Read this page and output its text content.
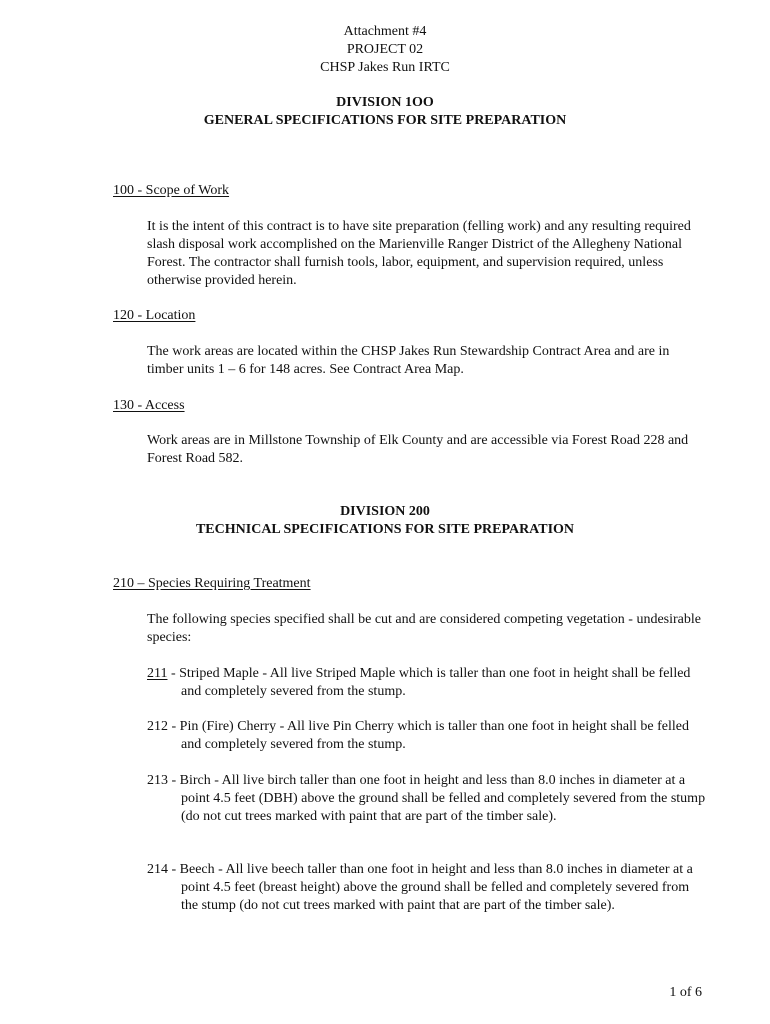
Attachment #4
PROJECT 02
CHSP Jakes Run IRTC
DIVISION 1OO
GENERAL SPECIFICATIONS FOR SITE PREPARATION
100 - Scope of Work
It is the intent of this contract is to have site preparation (felling work) and any resulting required slash disposal work accomplished on the Marienville Ranger District of the Allegheny National Forest. The contractor shall furnish tools, labor, equipment, and supervision required, unless otherwise provided herein.
120 - Location
The work areas are located within the CHSP Jakes Run Stewardship Contract Area and are in timber units 1 – 6 for 148 acres. See Contract Area Map.
130 - Access
Work areas are in Millstone Township of Elk County and are accessible via Forest Road 228 and Forest Road 582.
DIVISION 200
TECHNICAL SPECIFICATIONS FOR SITE PREPARATION
210 – Species Requiring Treatment
The following species specified shall be cut and are considered competing vegetation - undesirable species:
211 - Striped Maple - All live Striped Maple which is taller than one foot in height shall be felled and completely severed from the stump.
212 - Pin (Fire) Cherry - All live Pin Cherry which is taller than one foot in height shall be felled and completely severed from the stump.
213 - Birch - All live birch taller than one foot in height and less than 8.0 inches in diameter at a point 4.5 feet (DBH) above the ground shall be felled and completely severed from the stump (do not cut trees marked with paint that are part of the timber sale).
214 - Beech - All live beech taller than one foot in height and less than 8.0 inches in diameter at a point 4.5 feet (breast height) above the ground shall be felled and completely severed from the stump (do not cut trees marked with paint that are part of the timber sale).
1 of 6
